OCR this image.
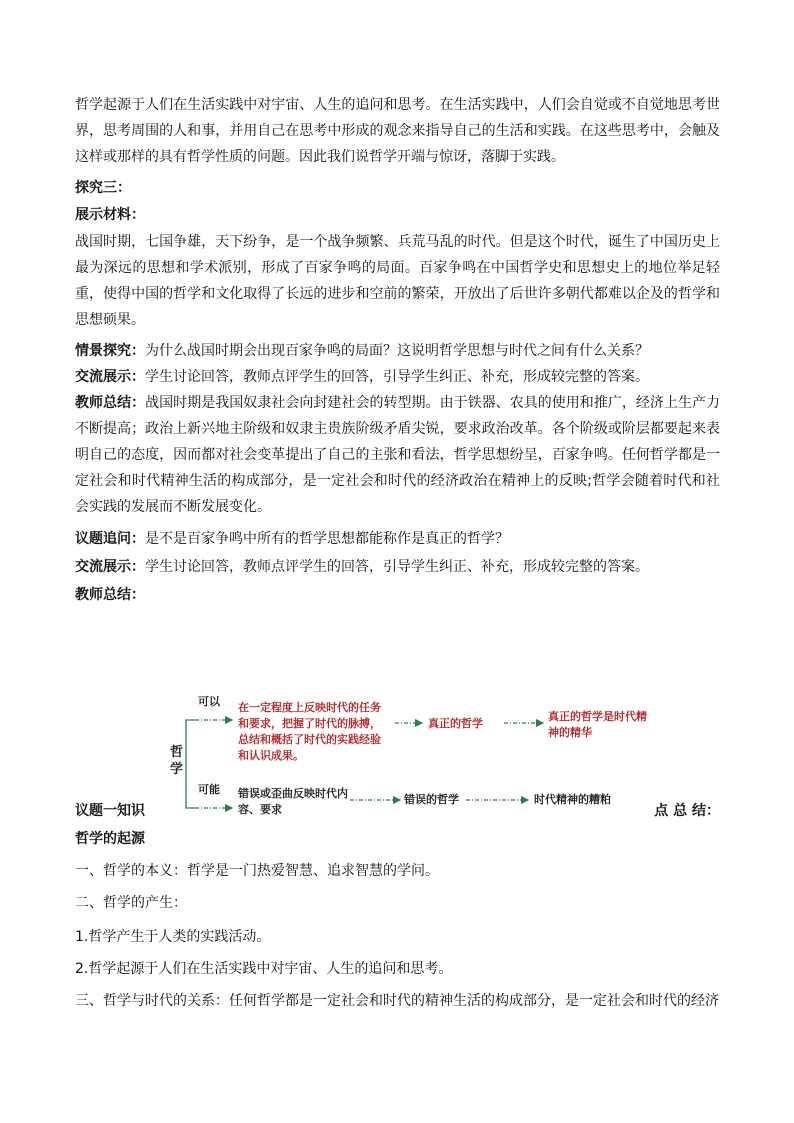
哲学起源于人们在生活实践中对宇宙、人生的追问和思考。在生活实践中，人们会自觉或不自觉地思考世界，思考周围的人和事，并用自己在思考中形成的观念来指导自己的生活和实践。在这些思考中，会触及这样或那样的具有哲学性质的问题。因此我们说哲学开端与惊讶，落脚于实践。

探究三：

展示材料：

战国时期，七国争雄，天下纷争，是一个战争频繁、兵荒马乱的时代。但是这个时代，诞生了中国历史上最为深远的思想和学术派别，形成了百家争鸣的局面。百家争鸣在中国哲学史和思想史上的地位举足轻重，使得中国的哲学和文化取得了长远的进步和空前的繁荣，开放出了后世许多朝代都难以企及的哲学和思想硕果。

情景探究：为什么战国时期会出现百家争鸣的局面？这说明哲学思想与时代之间有什么关系？

交流展示：学生讨论回答，教师点评学生的回答，引导学生纠正、补充，形成较完整的答案。

教师总结：战国时期是我国奴隶社会向封建社会的转型期。由于铁器、农具的使用和推广，经济上生产力不断提高；政治上新兴地主阶级和奴隶主贵族阶级矛盾尖锐，要求政治改革。各个阶级或阶层都要起来表明自己的态度，因而都对社会变革提出了自己的主张和看法，哲学思想纷呈，百家争鸣。任何哲学都是一定社会和时代精神生活的构成部分，是一定社会和时代的经济政治在精神上的反映;哲学会随着时代和社会实践的发展而不断发展变化。

议题追问：是不是百家争鸣中所有的哲学思想都能称作是真正的哲学？

交流展示：学生讨论回答，教师点评学生的回答，引导学生纠正、补充，形成较完整的答案。

教师总结：

哲学
可以
可能
在一定程度上反映时代的任务和要求，把握了时代的脉搏，总结和概括了时代的实践经验和认识成果。
真正的哲学
真正的哲学是时代精神的精华
错误或歪曲反映时代内容、要求
错误的哲学	时代精神的糟粕
议题一知识	点 总 结：

哲学的起源

一、哲学的本义：哲学是一门热爱智慧、追求智慧的学问。

二、哲学的产生：

1.哲学产生于人类的实践活动。

2.哲学起源于人们在生活实践中对宇宙、人生的追问和思考。

三、哲学与时代的关系：任何哲学都是一定社会和时代的精神生活的构成部分，是一定社会和时代的经济
